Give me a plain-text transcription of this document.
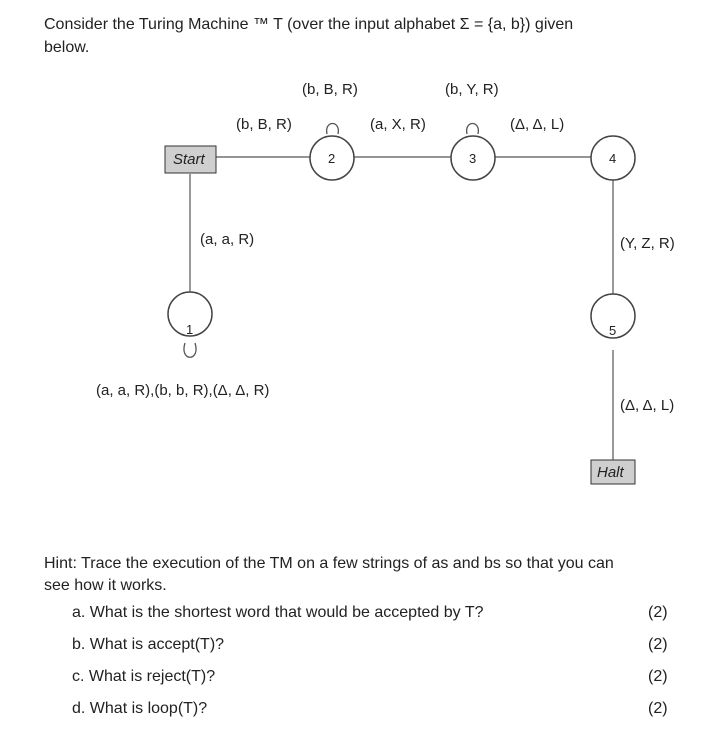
Consider the Turing Machine ™ T (over the input alphabet Σ = {a, b}) given
below.
Start
1
2	3	4
5
Halt
(b, B, R)
(b, B, R)
(a, X, R)
(b, Y, R)
(Δ, Δ, L)
(a, a, R)
(a, a, R),(b, b, R),(Δ, Δ, R)
(Y, Z, R)
(Δ, Δ, L)
Hint: Trace the execution of the TM on a few strings of as and bs so that you can
see how it works.
a. What is the shortest word that would be accepted by T?	(2)
b. What is accept(T)?	(2)
c. What is reject(T)?	(2)
d. What is loop(T)?	(2)
